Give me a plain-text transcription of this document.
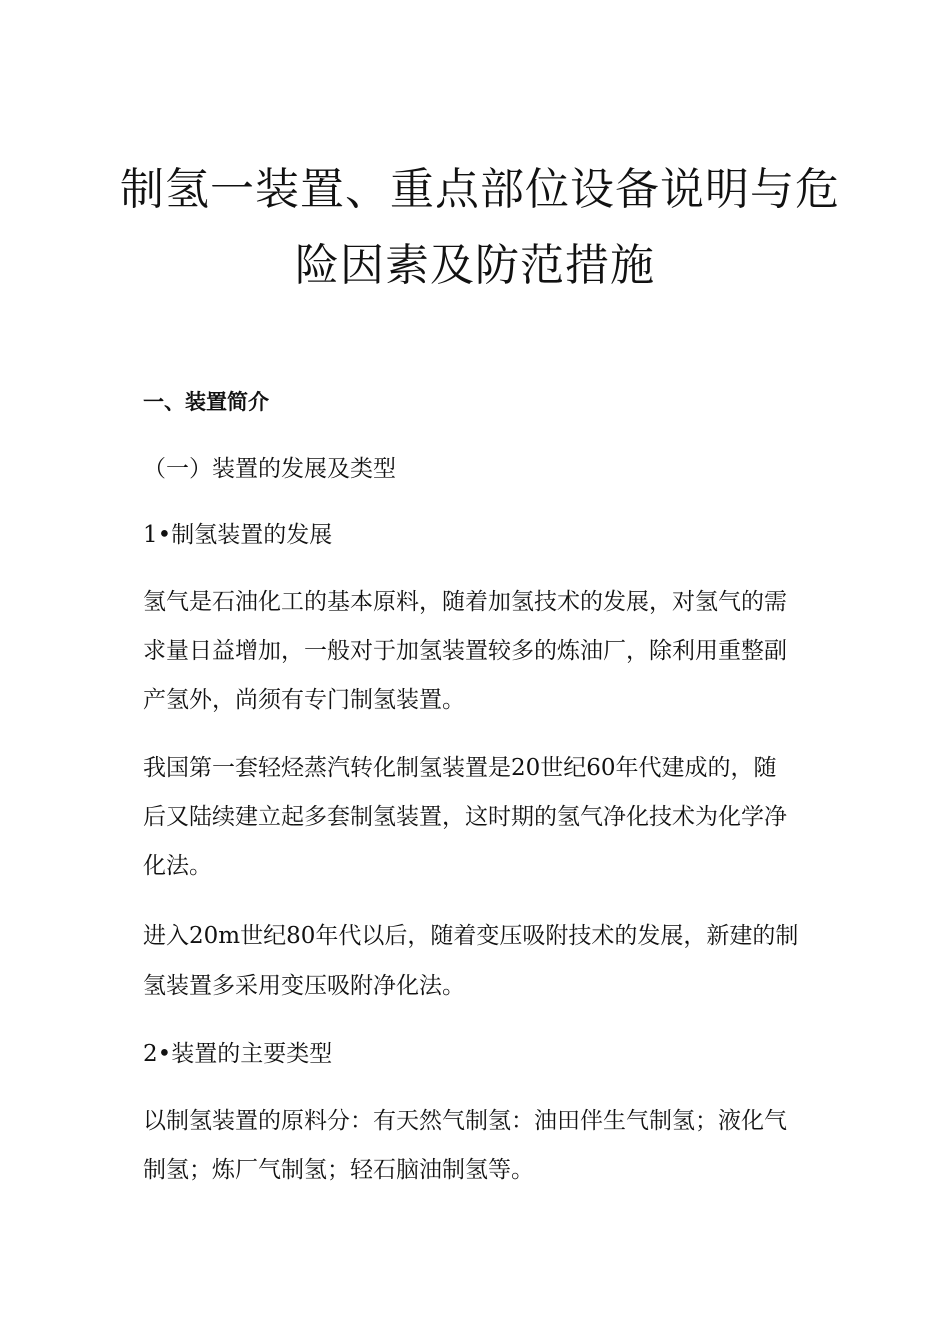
制氢一装置、重点部位设备说明与危
险因素及防范措施
一、装置简介

（一）装置的发展及类型

1•制氢装置的发展

氢气是石油化工的基本原料，随着加氢技术的发展，对氢气的需

求量日益增加，一般对于加氢装置较多的炼油厂，除利用重整副

产氢外，尚须有专门制氢装置。

我国第一套轻烃蒸汽转化制氢装置是20世纪60年代建成的，随

后又陆续建立起多套制氢装置，这时期的氢气净化技术为化学净

化法。

进入20m世纪80年代以后，随着变压吸附技术的发展，新建的制

氢装置多采用变压吸附净化法。

2•装置的主要类型

以制氢装置的原料分：有天然气制氢：油田伴生气制氢；液化气

制氢；炼厂气制氢；轻石脑油制氢等。
